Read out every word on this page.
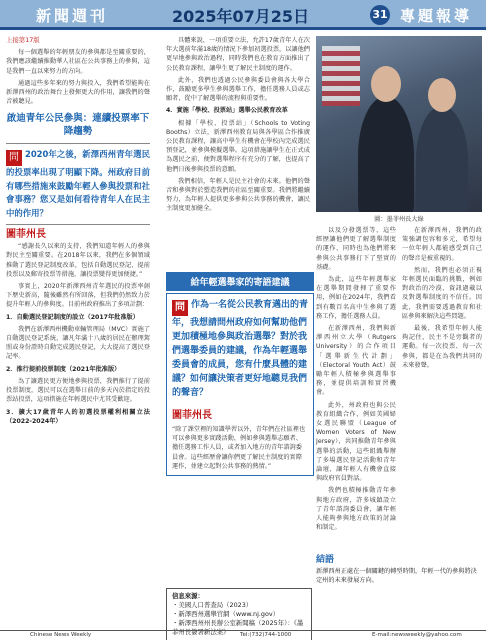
新聞週刊	2025年07月25日	31 專題報導

上接第17版

每一個選舉的年輕朋友的參與都是至關重要的，我們應該繼續推動華人社區在公共事務上的參與，這是我們一直以來努力的方向。

通過這些多年來的努力與投入，我們希望能夠在新澤西州的政治舞台上發揮更大的作用，讓我們的聲音被聽見。

啟迪青年公民參與：連續投票率下降趨勢

問 2020年之後，新澤西州青年選民的投票率出現了明顯下降。州政府目前有哪些措施來鼓勵年輕人參與投票和社會事務？您又是如何看待青年人在民主中的作用？

圖菲州長

“感謝長久以來的支持，我們知道年輕人的參與對民主至關重要。在2018年以來，我們在多個領域推動了選民登記制度改革，包括自動選民登記、提前投票以及郵寄投票等措施，讓投票變得更加便捷。”

事實上，2020年新澤西州青年選民的投票率創下歷史新高，隨後雖然有所回落，但我們仍然致力於提升年輕人的參與度。目前州政府推出了多項計劃：

1．自動選民登記制度的設立（2017年批准版）

我們在新澤西州機動車輛管理局（MVC）實施了自動選民登記系統，讓凡年滿十八歲的居民在辦理駕照或身份證時自動完成選民登記，大大提高了選民登記率。

2．推行提前投票制度（2021年批准版）

為了讓選民更方便地參與投票，我們推行了提前投票制度，選民可以在選舉日前的多天內於指定的投票站投票，這項措施在年輕選民中尤其受歡迎。

3．擴大17歲青年人的初選投票權利相關立法（2022-2024年）

具體來說，一項重要立法，允許17歲青年人在次年大選前年滿18歲的情況下參加初選投票，以讓他們更早地參與政治過程，同時我們也在教育方面推出了公民教育課程，讓學生更了解民主制度的運作。

此外，我們也透過公民參與委員會與各大學合作，鼓勵更多學生參與選舉工作，擔任選務人員或志願者，從中了解選舉的流程與重要性。

4．實施「學校、投票站」選舉公民教育改革

根據「學校、投票站」（Schools to Voting Booths）立法，新澤西州教育局與各學區合作推廣公民教育課程，讓高中學生有機會在學校內完成選民預登記，並參與模擬選舉。這項措施讓學生在正式成為選民之前，便對選舉程序有充分的了解，也提高了他們日後參與投票的意願。

我們相信，年輕人是民主社會的未來。他們的聲音和參與對於塑造我們的社區至關重要。我們將繼續努力，為年輕人提供更多參與公共事務的機會，讓民主制度更加健全。

給年輕選舉家的寄語建議
問 作為一名從公民教育邁出的青年，我想請問州政府如何幫助他們更加積極地參與政治選舉？對於我們選舉委員的建議，作為年輕選舉委員會的成員，您有什麼具體的建議？如何讓決策者更好地聽見我們的聲音？
圖菲州長
“除了課堂裡的知識學習以外，青年們在社區裡也可以參與更多實踐活動，例如參與選舉志願者、擔任選務工作人員，或者加入地方的青年諮詢委員會。這些經歷會讓你們更了解民主制度的實際運作，並建立起對公共事務的熱情。”
圖：墨菲州長大綠

以及分發選票等，這些經歷讓他們更了解選舉制度的運作，同時也為他們將來參與公共事務打下了堅實的基礎。

為此，這些年輕選舉家在選舉期間發揮了重要作用，例如在2024年，我們看到有數百名高中生參與了選務工作，擔任選務人員。

在新澤西州，我們與新澤西州立大學（Rutgers University）的合作項目「選舉新生代計劃」（Electoral Youth Act）鼓勵年輕人積極參與選舉事務，並提供培訓和實習機會。

此外，州政府也與公民教育組織合作，例如美國婦女選民聯盟（League of Women Voters of New Jersey），共同推動青年參與選舉的活動，這些組織舉辦了多場選民登記活動和青年論壇，讓年輕人有機會直接與政府官員對話。

我們也積極推動青年參與地方政府，許多城鎮設立了青年諮詢委員會，讓年輕人能夠參與地方政策的討論和制定。

在新澤西州，我們的政策強調包容和多元，希望每一位年輕人都能感受到自己的聲音是被重視的。

然而，我們也必須正視年輕選民面臨的挑戰，例如對政治的冷漠、資訊過載以及對選舉制度的不信任。因此，我們需要透過教育和社區參與來解決這些問題。

最後，我希望年輕人能夠記住，民主不是旁觀者的運動。每一次投票、每一次參與，都是在為我們共同的未來發聲。

結語
新澤西州正處在一個關鍵的轉型時期，年輕一代的參與將決定州的未來發展方向。
信息來源：
・美國人口普查局（2023）
・新澤西州選舉官網（www.nj.gov）
・新澤西州州長辦公室新聞稿（2025年）：《墨菲州長簽署新法案》
Chinese News Weekly	Tel:(732)744-1000	E-mail:newsweekly@yahoo.com
